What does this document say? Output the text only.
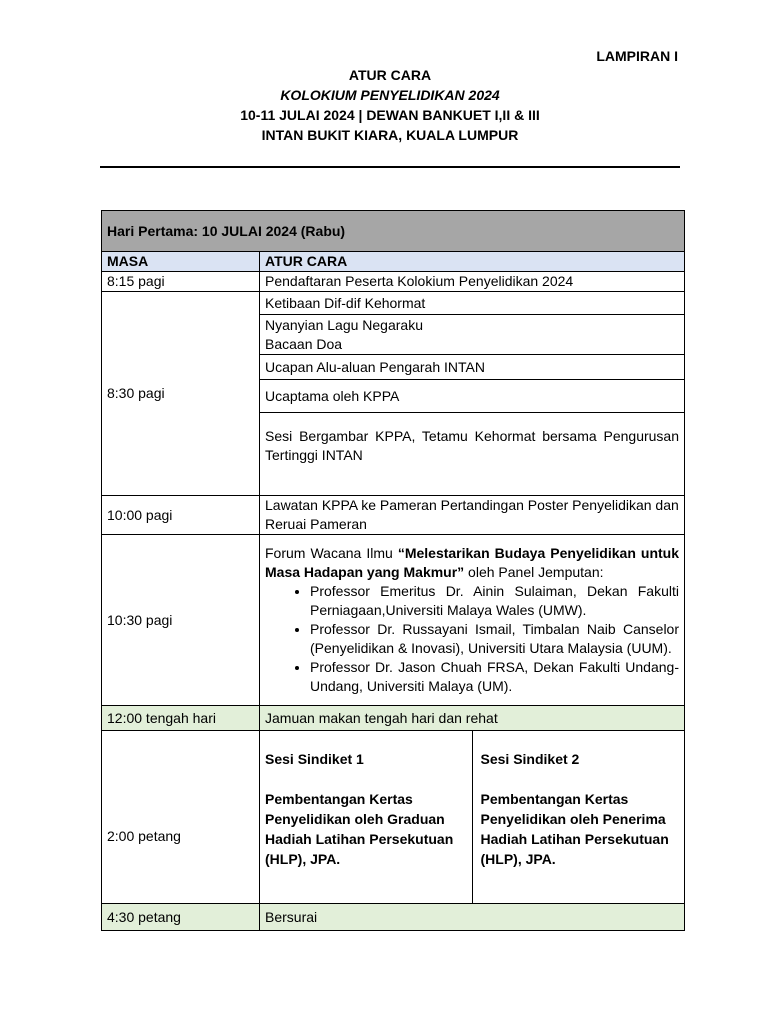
LAMPIRAN I
ATUR CARA
KOLOKIUM PENYELIDIKAN 2024
10-11 JULAI 2024 | DEWAN BANKUET I,II & III
INTAN BUKIT KIARA, KUALA LUMPUR
Hari Pertama: 10 JULAI 2024 (Rabu)
MASA	ATUR CARA
8:15 pagi	Pendaftaran Peserta Kolokium Penyelidikan 2024
8:30 pagi	Ketibaan Dif-dif Kehormat

Nyanyian Lagu Negaraku
Bacaan Doa

Ucapan Alu-aluan Pengarah INTAN
Ucaptama oleh KPPA
Sesi Bergambar KPPA, Tetamu Kehormat bersama Pengurusan Tertinggi INTAN
10:00 pagi	Lawatan KPPA ke Pameran Pertandingan Poster Penyelidikan dan Reruai Pameran
10:30 pagi	
Forum Wacana Ilmu “Melestarikan Budaya Penyelidikan untuk Masa Hadapan yang Makmur” oleh Panel Jemputan:
• Professor Emeritus Dr. Ainin Sulaiman, Dekan Fakulti Perniagaan,Universiti Malaya Wales (UMW).
• Professor Dr. Russayani Ismail, Timbalan Naib Canselor (Penyelidikan & Inovasi), Universiti Utara Malaysia (UUM).
• Professor Dr. Jason Chuah FRSA, Dekan Fakulti Undang-Undang, Universiti Malaya (UM).

12:00 tengah hari	Jamuan makan tengah hari dan rehat
2:00 petang	
Sesi Sindiket 1
Pembentangan Kertas Penyelidikan oleh Graduan Hadiah Latihan Persekutuan (HLP), JPA.

Sesi Sindiket 2
Pembentangan Kertas Penyelidikan oleh Penerima Hadiah Latihan Persekutuan (HLP), JPA.

4:30 petang	Bersurai
